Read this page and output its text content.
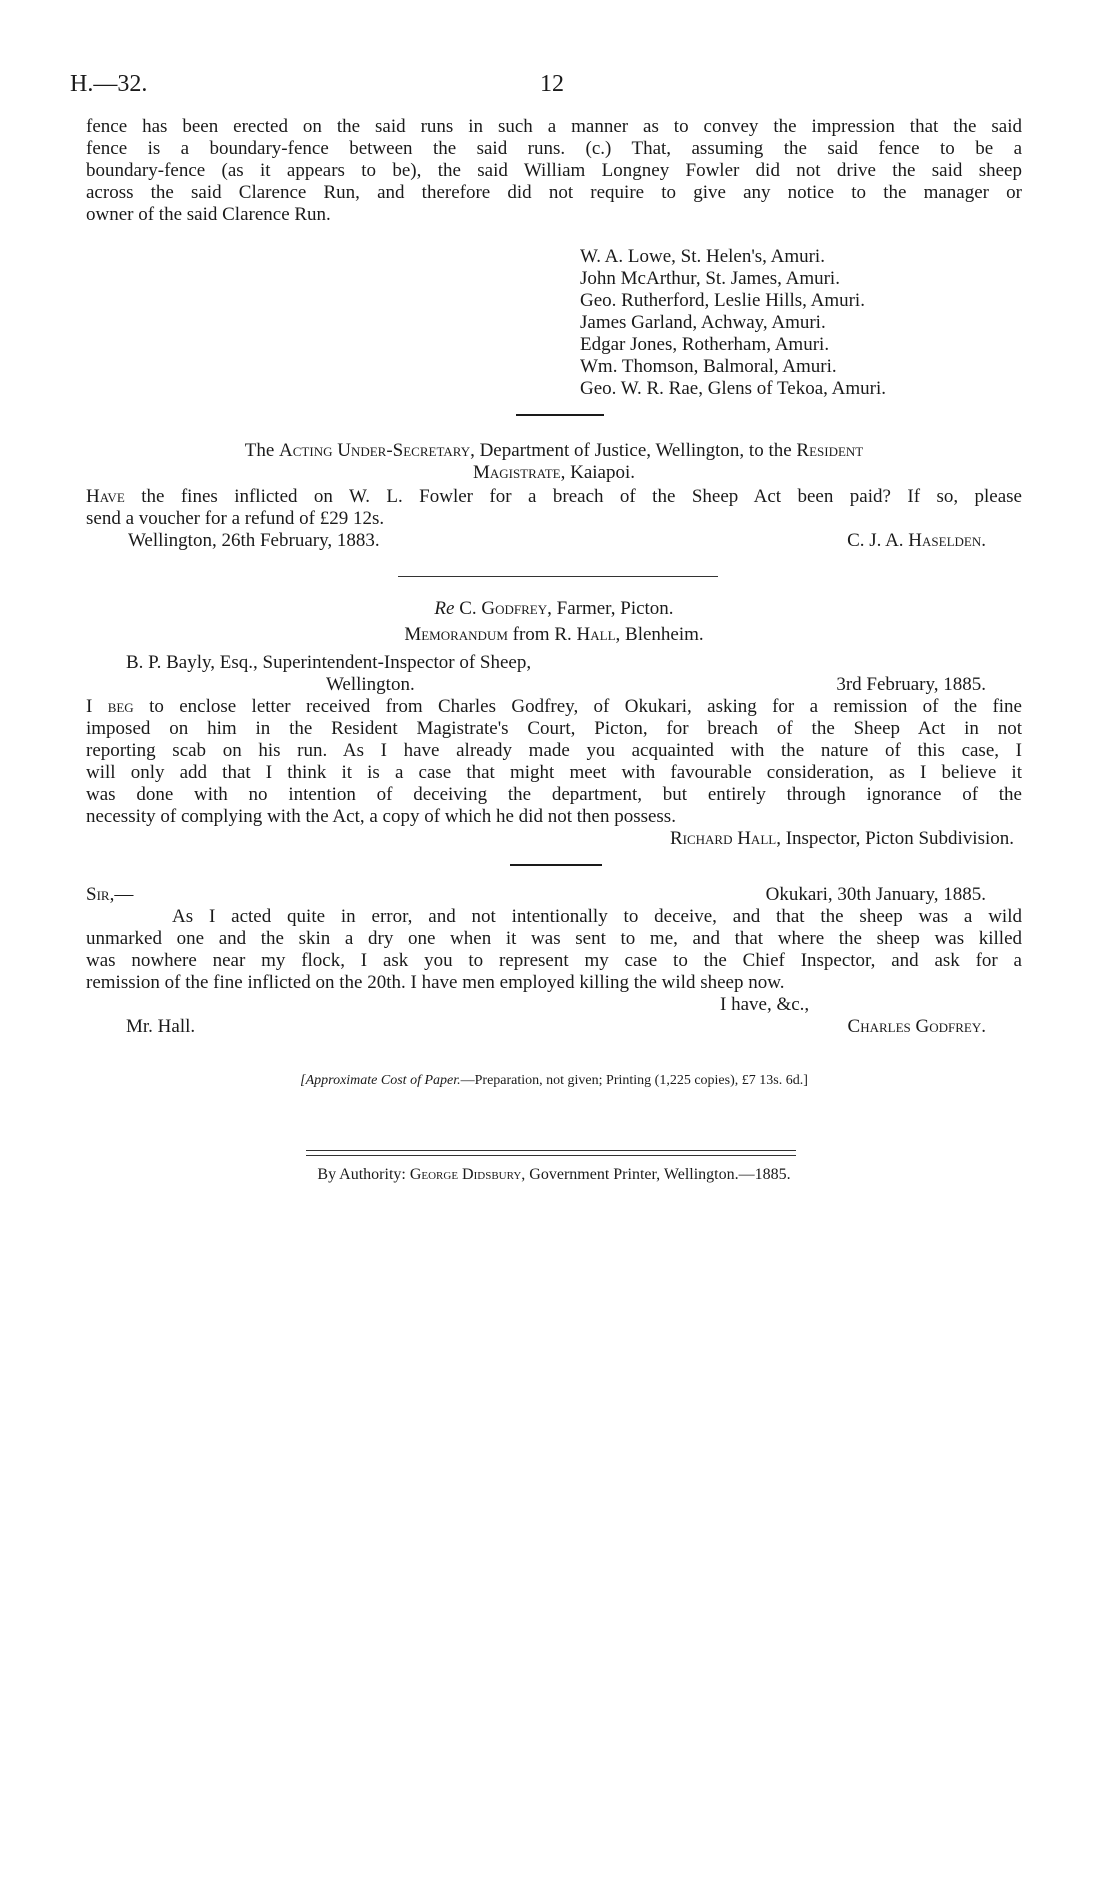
H.—32.	12
fence has been erected on the said runs in such a manner as to convey the impression that the said
fence is a boundary-fence between the said runs. (c.) That, assuming the said fence to be a
boundary-fence (as it appears to be), the said William Longney Fowler did not drive the said sheep
across the said Clarence Run, and therefore did not require to give any notice to the manager or
owner of the said Clarence Run.
W. A. Lowe, St. Helen's, Amuri.
John McArthur, St. James, Amuri.
Geo. Rutherford, Leslie Hills, Amuri.
James Garland, Achway, Amuri.
Edgar Jones, Rotherham, Amuri.
Wm. Thomson, Balmoral, Amuri.
Geo. W. R. Rae, Glens of Tekoa, Amuri.
The Acting Under-Secretary, Department of Justice, Wellington, to the Resident
Magistrate, Kaiapoi.
Have the fines inflicted on W. L. Fowler for a breach of the Sheep Act been paid? If so, please
send a voucher for a refund of £29 12s.
Wellington, 26th February, 1883.	C. J. A. Haselden.
Re C. Godfrey, Farmer, Picton.
Memorandum from R. Hall, Blenheim.
B. P. Bayly, Esq., Superintendent-Inspector of Sheep,
Wellington.	3rd February, 1885.
I beg to enclose letter received from Charles Godfrey, of Okukari, asking for a remission of the fine
imposed on him in the Resident Magistrate's Court, Picton, for breach of the Sheep Act in not
reporting scab on his run. As I have already made you acquainted with the nature of this case, I
will only add that I think it is a case that might meet with favourable consideration, as I believe it
was done with no intention of deceiving the department, but entirely through ignorance of the
necessity of complying with the Act, a copy of which he did not then possess.
Richard Hall, Inspector, Picton Subdivision.
Sir,—	Okukari, 30th January, 1885.
As I acted quite in error, and not intentionally to deceive, and that the sheep was a wild
unmarked one and the skin a dry one when it was sent to me, and that where the sheep was killed
was nowhere near my flock, I ask you to represent my case to the Chief Inspector, and ask for a
remission of the fine inflicted on the 20th. I have men employed killing the wild sheep now.
I have, &c.,
Mr. Hall.	Charles Godfrey.
[Approximate Cost of Paper.—Preparation, not given; Printing (1,225 copies), £7 13s. 6d.]
By Authority: George Didsbury, Government Printer, Wellington.—1885.
